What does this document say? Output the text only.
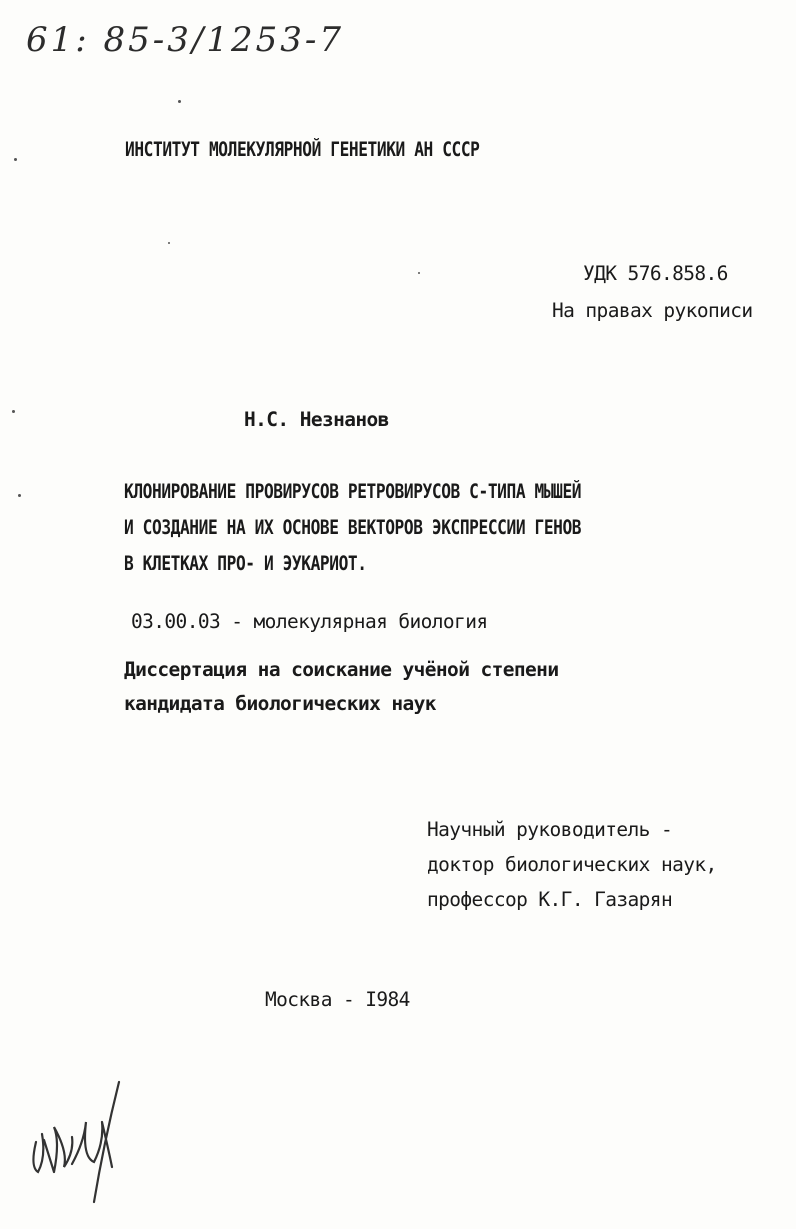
61: 85-3/1253-7
ИНСТИТУТ МОЛЕКУЛЯРНОЙ ГЕНЕТИКИ АН СССР
УДК 576.858.6
На правах рукописи
Н.С. Незнанов
КЛОНИРОВАНИЕ ПРОВИРУСОВ РЕТРОВИРУСОВ С-ТИПА МЫШЕЙ
И СОЗДАНИЕ НА ИХ ОСНОВЕ ВЕКТОРОВ ЭКСПРЕССИИ ГЕНОВ
В КЛЕТКАХ ПРО- И ЭУКАРИОТ.
03.00.03 - молекулярная биология
Диссертация на соискание учёной степени
кандидата биологических наук
Научный руководитель -
доктор биологических наук,
профессор К.Г. Газарян
Москва - I984
